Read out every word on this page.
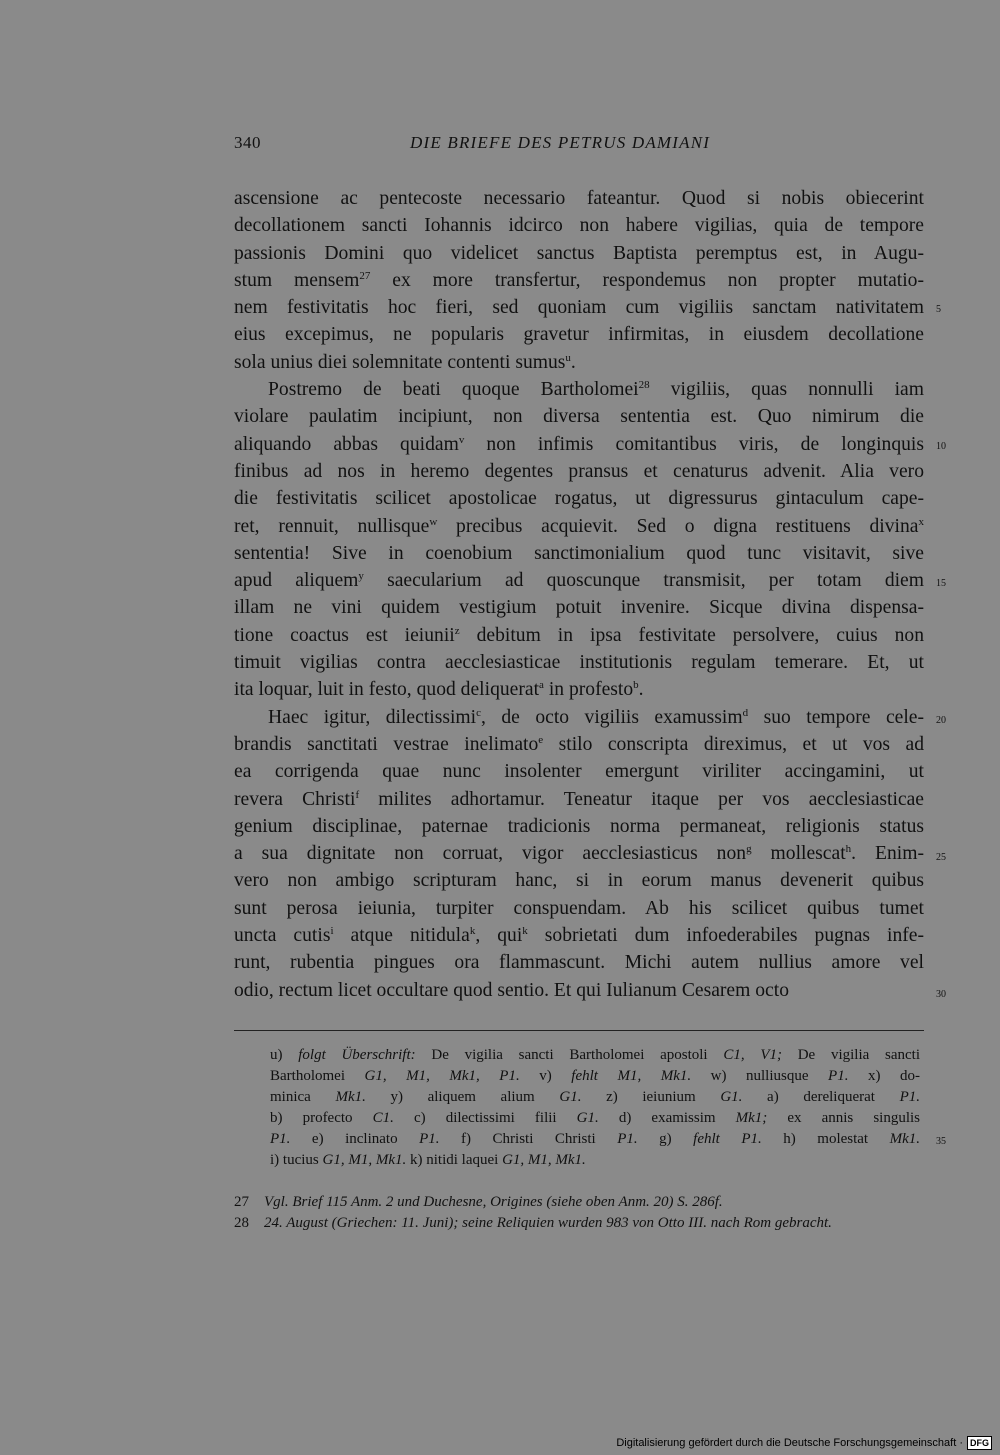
340	DIE BRIEFE DES PETRUS DAMIANI
ascensione ac pentecoste necessario fateantur. Quod si nobis obiecerint
decollationem sancti Iohannis idcirco non habere vigilias, quia de tempore
passionis Domini quo videlicet sanctus Baptista peremptus est, in Augu-
stum mensem$^{27}$ ex more transfertur, respondemus non propter mutatio-
nem festivitatis hoc fieri, sed quoniam cum vigiliis sanctam nativitatem
eius excepimus, ne popularis gravetur infirmitas, in eiusdem decollatione
sola unius diei solemnitate contenti sumus$^u$.
Postremo de beati quoque Bartholomei$^{28}$ vigiliis, quas nonnulli iam
violare paulatim incipiunt, non diversa sententia est. Quo nimirum die
aliquando abbas quidam$^v$ non infimis comitantibus viris, de longinquis
finibus ad nos in heremo degentes pransus et cenaturus advenit. Alia vero
die festivitatis scilicet apostolicae rogatus, ut digressurus gintaculum cape-
ret, rennuit, nullisque$^w$ precibus acquievit. Sed o digna restituens divina$^x$
sententia! Sive in coenobium sanctimonialium quod tunc visitavit, sive
apud aliquem$^y$ saecularium ad quoscunque transmisit, per totam diem
illam ne vini quidem vestigium potuit invenire. Sicque divina dispensa-
tione coactus est ieiunii$^z$ debitum in ipsa festivitate persolvere, cuius non
timuit vigilias contra aecclesiasticae institutionis regulam temerare. Et, ut
ita loquar, luit in festo, quod deliquerat$^a$ in profesto$^b$.
Haec igitur, dilectissimi$^c$, de octo vigiliis examussim$^d$ suo tempore cele-
brandis sanctitati vestrae inelimato$^e$ stilo conscripta direximus, et ut vos ad
ea corrigenda quae nunc insolenter emergunt viriliter accingamini, ut
revera Christi$^f$ milites adhortamur. Teneatur itaque per vos aecclesiasticae
genium disciplinae, paternae tradicionis norma permaneat, religionis status
a sua dignitate non corruat, vigor aecclesiasticus non$^g$ mollescat$^h$. Enim-
vero non ambigo scripturam hanc, si in eorum manus devenerit quibus
sunt perosa ieiunia, turpiter conspuendam. Ab his scilicet quibus tumet
uncta cutis$^i$ atque nitidula$^k$, qui$^k$ sobrietati dum infoederabiles pugnas infe-
runt, rubentia pingues ora flammascunt. Michi autem nullius amore vel
odio, rectum licet occultare quod sentio. Et qui Iulianum Cesarem octo
5
10
15
20
25
30
35
u) folgt Überschrift: De vigilia sancti Bartholomei apostoli C1, V1; De vigilia sancti
Bartholomei G1, M1, Mk1, P1. v) fehlt M1, Mk1. w) nulliusque P1. x) do-
minica Mk1. y) aliquem alium G1. z) ieiunium G1. a) dereliquerat P1.
b) profecto C1. c) dilectissimi filii G1. d) examissim Mk1; ex annis singulis
P1. e) inclinato P1. f) Christi Christi P1. g) fehlt P1. h) molestat Mk1.
i) tucius G1, M1, Mk1. k) nitidi laquei G1, M1, Mk1.
27 Vgl. Brief 115 Anm. 2 und Duchesne, Origines (siehe oben Anm. 20) S. 286f.
28 24. August (Griechen: 11. Juni); seine Reliquien wurden 983 von Otto III. nach Rom gebracht.
Digitalisierung gefördert durch die Deutsche Forschungsgemeinschaft · DFG
